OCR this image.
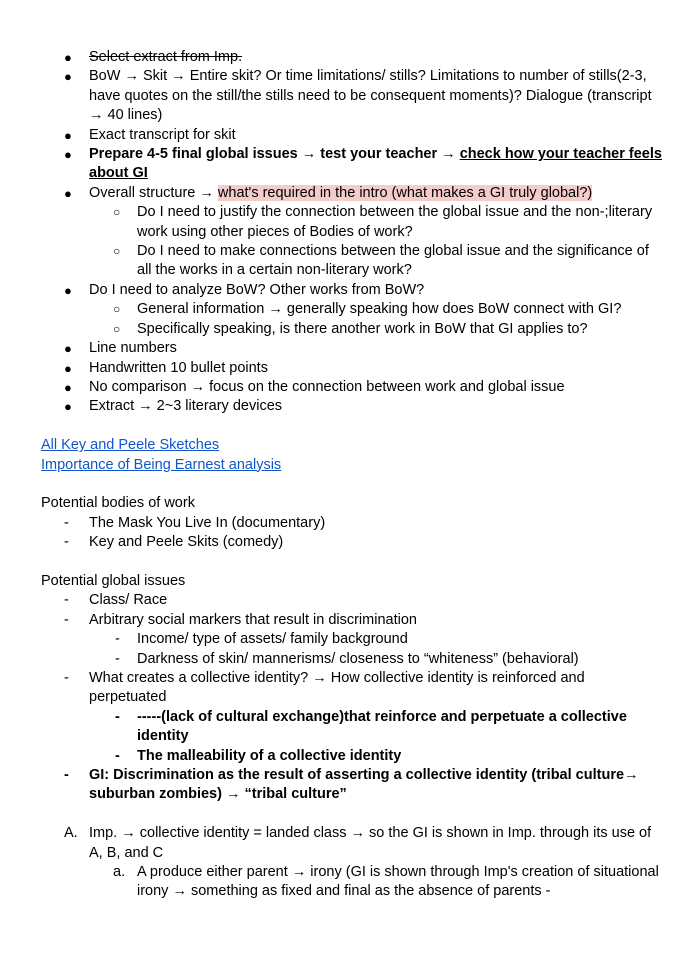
● Select extract from Imp.
● BoW → Skit → Entire skit? Or time limitations/ stills? Limitations to number of stills(2-3, have quotes on the still/the stills need to be consequent moments)? Dialogue (transcript → 40 lines)
● Exact transcript for skit
● Prepare 4-5 final global issues → test your teacher → check how your teacher feels about GI
● Overall structure → what's required in the intro (what makes a GI truly global?)
○ Do I need to justify the connection between the global issue and the non-;literary work using other pieces of Bodies of work?
○ Do I need to make connections between the global issue and the significance of all the works in a certain non-literary work?
● Do I need to analyze BoW? Other works from BoW?
○ General information → generally speaking how does BoW connect with GI?
○ Specifically speaking, is there another work in BoW that GI applies to?
● Line numbers
● Handwritten 10 bullet points
● No comparison → focus on the connection between work and global issue
● Extract → 2~3 literary devices
All Key and Peele Sketches
Importance of Being Earnest analysis
Potential bodies of work
- The Mask You Live In (documentary)
- Key and Peele Skits (comedy)
Potential global issues
- Class/ Race
- Arbitrary social markers that result in discrimination
- Income/ type of assets/ family background
- Darkness of skin/ mannerisms/ closeness to “whiteness” (behavioral)
- What creates a collective identity? → How collective identity is reinforced and perpetuated
- -----(lack of cultural exchange)that reinforce and perpetuate a collective identity
- The malleability of a collective identity
- GI: Discrimination as the result of asserting a collective identity (tribal culture→ suburban zombies) → “tribal culture”
A. Imp. → collective identity = landed class → so the GI is shown in Imp. through its use of A, B, and C
a. A produce either parent → irony (GI is shown through Imp's creation of situational irony → something as fixed and final as the absence of parents -
